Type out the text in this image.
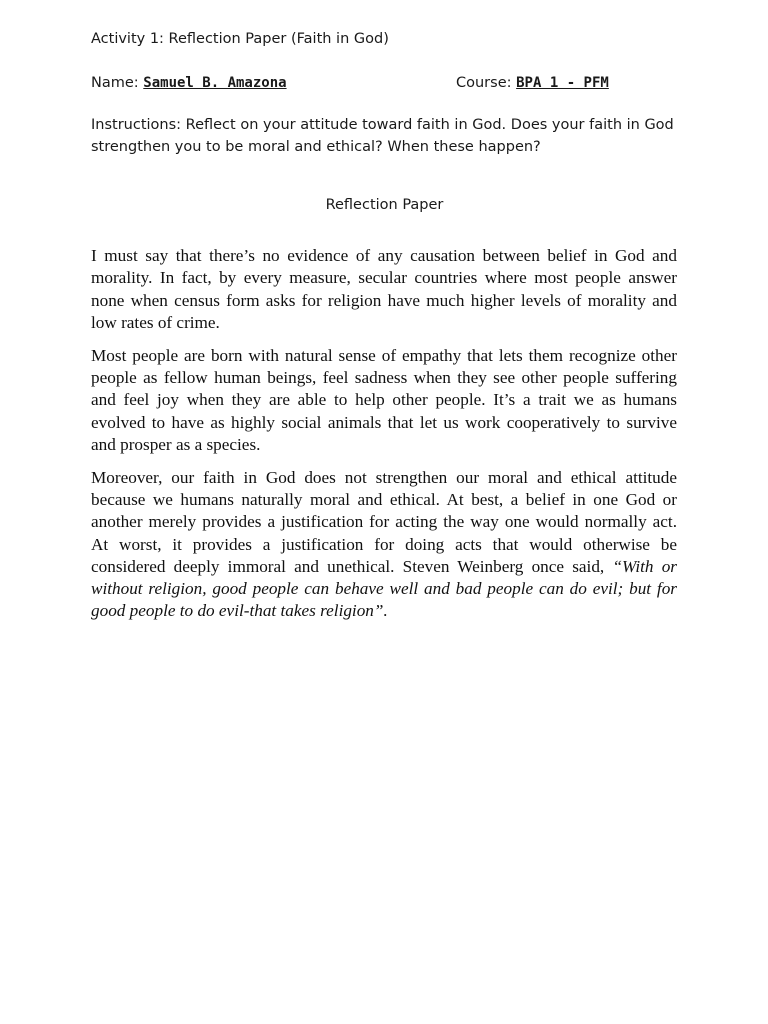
Activity 1: Reflection Paper (Faith in God)
Name: Samuel B. Amazona	Course: BPA 1 - PFM
Instructions: Reflect on your attitude toward faith in God. Does your faith in God strengthen you to be moral and ethical? When these happen?
Reflection Paper

I must say that there’s no evidence of any causation between belief in God and morality. In fact, by every measure, secular countries where most people answer none when census form asks for religion have much higher levels of morality and low rates of crime.

Most people are born with natural sense of empathy that lets them recognize other people as fellow human beings, feel sadness when they see other people suffering and feel joy when they are able to help other people. It’s a trait we as humans evolved to have as highly social animals that let us work cooperatively to survive and prosper as a species.

Moreover, our faith in God does not strengthen our moral and ethical attitude because we humans naturally moral and ethical. At best, a belief in one God or another merely provides a justification for acting the way one would normally act. At worst, it provides a justification for doing acts that would otherwise be considered deeply immoral and unethical. Steven Weinberg once said, “With or without religion, good people can behave well and bad people can do evil; but for good people to do evil-that takes religion”.
